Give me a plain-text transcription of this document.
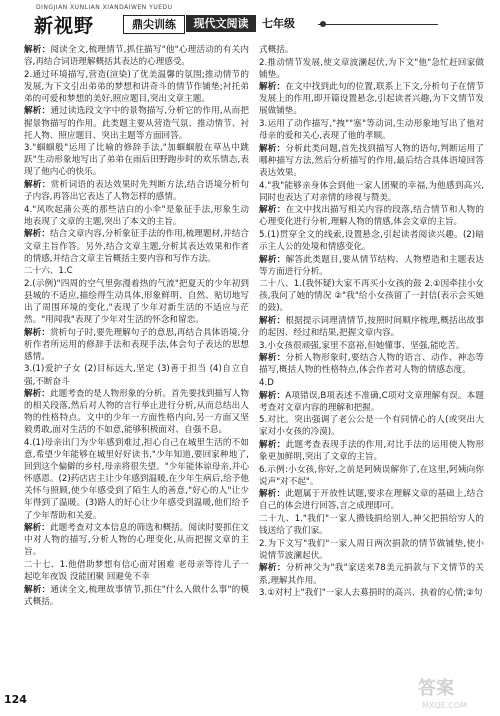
DINGJIAN XUNLIAN XIANDAIWEN YUEDU
新视野	鼎尖训练	现代文阅读	七年级

解析：阅读全文,梳理情节,抓住描写"他"心理活动的有关内容,再结合词语理解概括其表达的心理感受。

2.通过环境描写,营造(渲染)了优美温馨的氛围;推动情节的发展,为下文引出弟弟的梦想和讲奇斗的情节作铺垫;衬托弟弟的可爱和梦想的美好,照应题目,突出文章主题。

解析：通过读选段文字中的景物描写,分析它的作用,从而把握景物描写的作用。此类题主要从营造气氛、推动情节、衬托人物、照应题目、突出主题等方面回答。

3."蝈蝈般"运用了比喻的修辞手法,"加蝈蝈般在草丛中跳跃"生动形象地写出了弟弟在雨后田野跑步时的欢乐情态,表现了他内心的快乐。

解析：赏析词语的表达效果时先判断方法,结合语境分析句子内容,再答出它表达了人物怎样的感情。

4."风吹起蒲公英的那些洁白的小伞"是象征手法,形象生动地表现了文章的主题,突出了本文的主旨。

解析：结合文章内容,分析象征手法的作用,梳理题材,并结合文章主旨作答。另外,结合文章主题,分析其表达效果和作者的情感,并结合文章主旨概括主要内容和写作方法。

二十六、1.C

2.(示例)"四周的空气里弥漫着热的气流"把夏天的少年初到县城的不适应,描绘得生动具体,形象鲜明、自然、贴切地写出了周围环境的变化,"表现了少年对新生活的不适应与茫然。"用闻我"表现了少年对生活的怀念和留恋。

解析：赏析句子时,要先理解句子的意思,再结合具体语境,分析作者所运用的修辞手法和表现手法,体会句子表达的思想感情。

3.(1)爱护子女 (2)目标远大,坚定 (3)善于担当 (4)自立自强,不断奋斗

解析：此题考查的是人物形象的分析。首先要找到描写人物的相关段落,然后对人物的言行举止进行分析,从而总结出人物的性格特点。文中的少年一方面性格内向,另一方面又坚毅勇敢,面对生活的不如意,能够积极面对、自强不息。

4.(1)母亲出门为少年感到难过,担心自己在城里生活的不如意,希望少年能够在城里好好读书,"少年知道,要回家种地了,回到这个偏僻的乡村,母亲将很失望。"少年能体谅母亲,并心怀感恩。(2)药店店主让少年感到温暖,在少年生病后,给予他关怀与照顾,使少年感受到了陌生人的善意,"好心的人"让少年得到了温暖。(3)路人的好心让少年感受到温暖,他们给予了少年帮助和关爱。

解析：此题考查对文本信息的筛选和概括。阅读时要抓住文中对人物的描写,分析人物的心理变化,从而把握文章的主旨。

二十七、1.他借助梦想有信心面对困难 老母亲等待儿子一起吃年夜饭 没能团聚 回避免不幸

解析：通读全文,梳理故事情节,抓住"什么人做什么事"的模式概括。

式概括。

2.推动情节发展,使文章波澜起伏,为下文"他"急忙赶回家做铺垫。

解析：在文中找到此句的位置,联系上下文,分析句子在情节发展上的作用,即开篇设置悬念,引起读者兴趣,为下文情节发展做铺垫。

3.运用了动作描写,"拽""塞"等动词,生动形象地写出了他对母亲的爱和关心,表现了他的孝顺。

解析：分析此类问题,首先找到描写人物的语句,判断运用了哪种描写方法,然后分析描写的作用,最后结合具体语境回答表达效果。

4."我"能够亲身体会到他一家人团聚的幸福,为他感到高兴,同时也表达了对亲情的珍视与赞美。

解析：在文中找出描写相关内容的段落,结合情节和人物的心理变化进行分析,理解人物的情感,体会文章的主旨。

5.(1)贯穿全文的线索,设置悬念,引起读者阅读兴趣。(2)暗示主人公的处境和情感变化。

解析：解答此类题目,要从情节结构、人物塑造和主题表达等方面进行分析。

二十八、1.(我怀疑)大家不再买小女孩的鼓 2.①因牵挂小女孩,我问了她的情况 ②"我"给小女孩留了一封信(表示会买她的鼓)。

解析：根据提示词理清情节,按照时间顺序梳理,概括出故事的起因、经过和结果,把握文章内容。

3.小女孩很顽强,家里不富裕,但她懂事、坚强,能吃苦。

解析：分析人物形象时,要结合人物的语言、动作、神态等描写,概括人物的性格特点,体会作者对人物的情感态度。

4.D

解析：A项错误,B项表述不准确,C项对文章理解有误。本题考查对文章内容的理解和把握。

5.对比。突出强调了老公公是一个有同情心的人(或突出大家对小女孩的冷漠)。

解析：此题考查表现手法的作用,对比手法的运用使人物形象更加鲜明,突出了文章的主旨。

6.示例:小女孩,你好,之前是阿姨误解你了,在这里,阿姨向你说声"对不起"。

解析：此题属于开放性试题,要求在理解文章的基础上,结合自己的体会进行回答,言之成理即可。

二十九、1."我们"一家人攒钱捐给别人,神父把捐给穷人的钱送给了我们家。

2.为下文写"我们"一家人周日两次捐款的情节做铺垫,使小说情节波澜起伏。

解析：分析神父为"我"家送来78美元捐款与下文情节的关系,理解其作用。

3.①对村上"我们"一家人去募捐时的高兴、执着的心情;②句

124
答案
MXQE.COM
